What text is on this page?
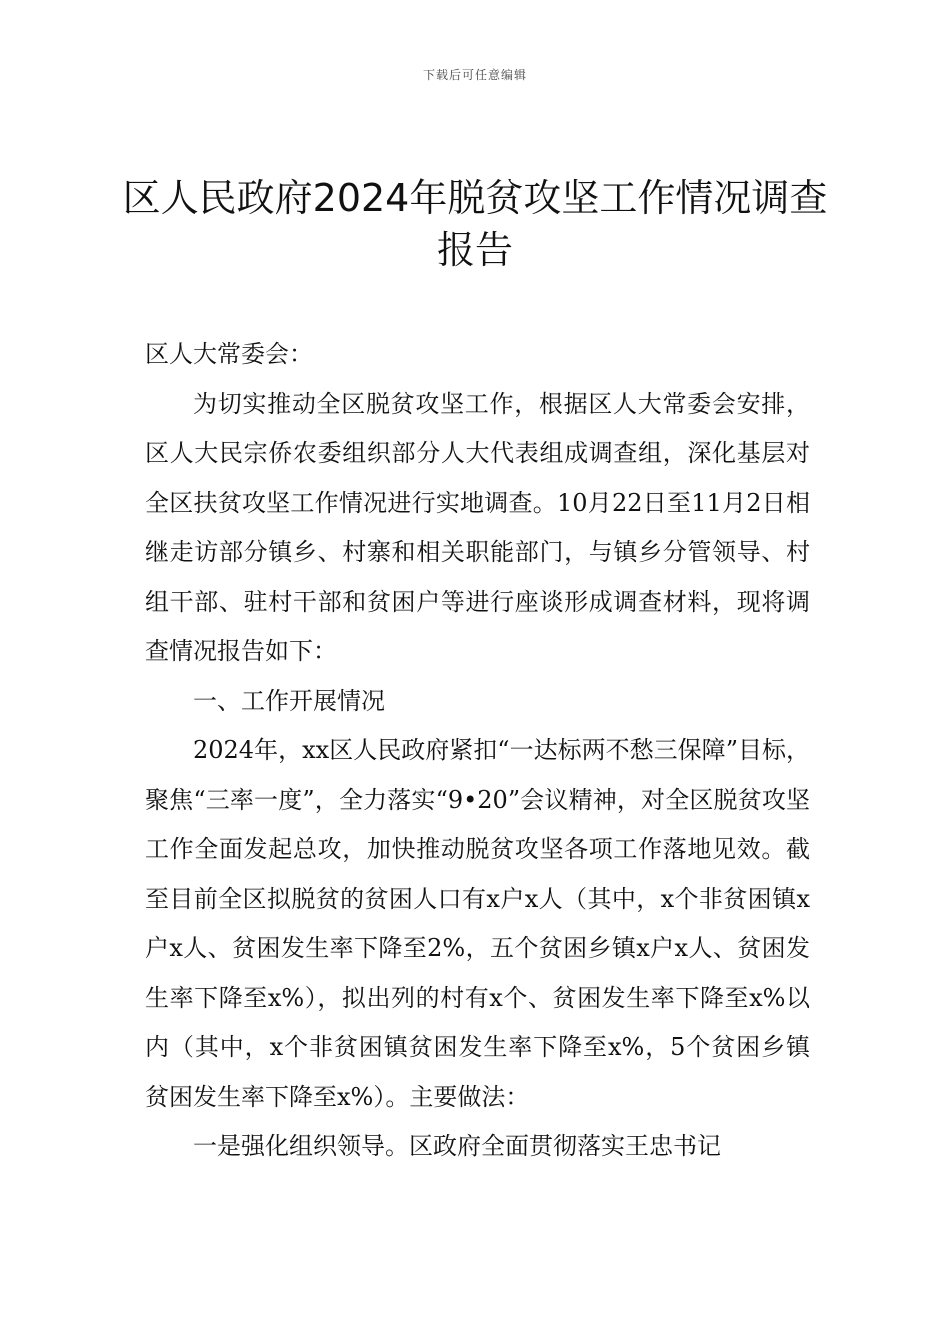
下载后可任意编辑
区人民政府2024年脱贫攻坚工作情况调查报告

区人大常委会：

为切实推动全区脱贫攻坚工作，根据区人大常委会安排，区人大民宗侨农委组织部分人大代表组成调查组，深化基层对全区扶贫攻坚工作情况进行实地调查。10月22日至11月2日相继走访部分镇乡、村寨和相关职能部门，与镇乡分管领导、村组干部、驻村干部和贫困户等进行座谈形成调查材料，现将调查情况报告如下：

一、工作开展情况

2024年，xx区人民政府紧扣“一达标两不愁三保障”目标，聚焦“三率一度”，全力落实“9•20”会议精神，对全区脱贫攻坚工作全面发起总攻，加快推动脱贫攻坚各项工作落地见效。截至目前全区拟脱贫的贫困人口有x户x人（其中，x个非贫困镇x户x人、贫困发生率下降至2%，五个贫困乡镇x户x人、贫困发生率下降至x%），拟出列的村有x个、贫困发生率下降至x%以内（其中，x个非贫困镇贫困发生率下降至x%，5个贫困乡镇贫困发生率下降至x%）。主要做法：

一是强化组织领导。区政府全面贯彻落实王忠书记
